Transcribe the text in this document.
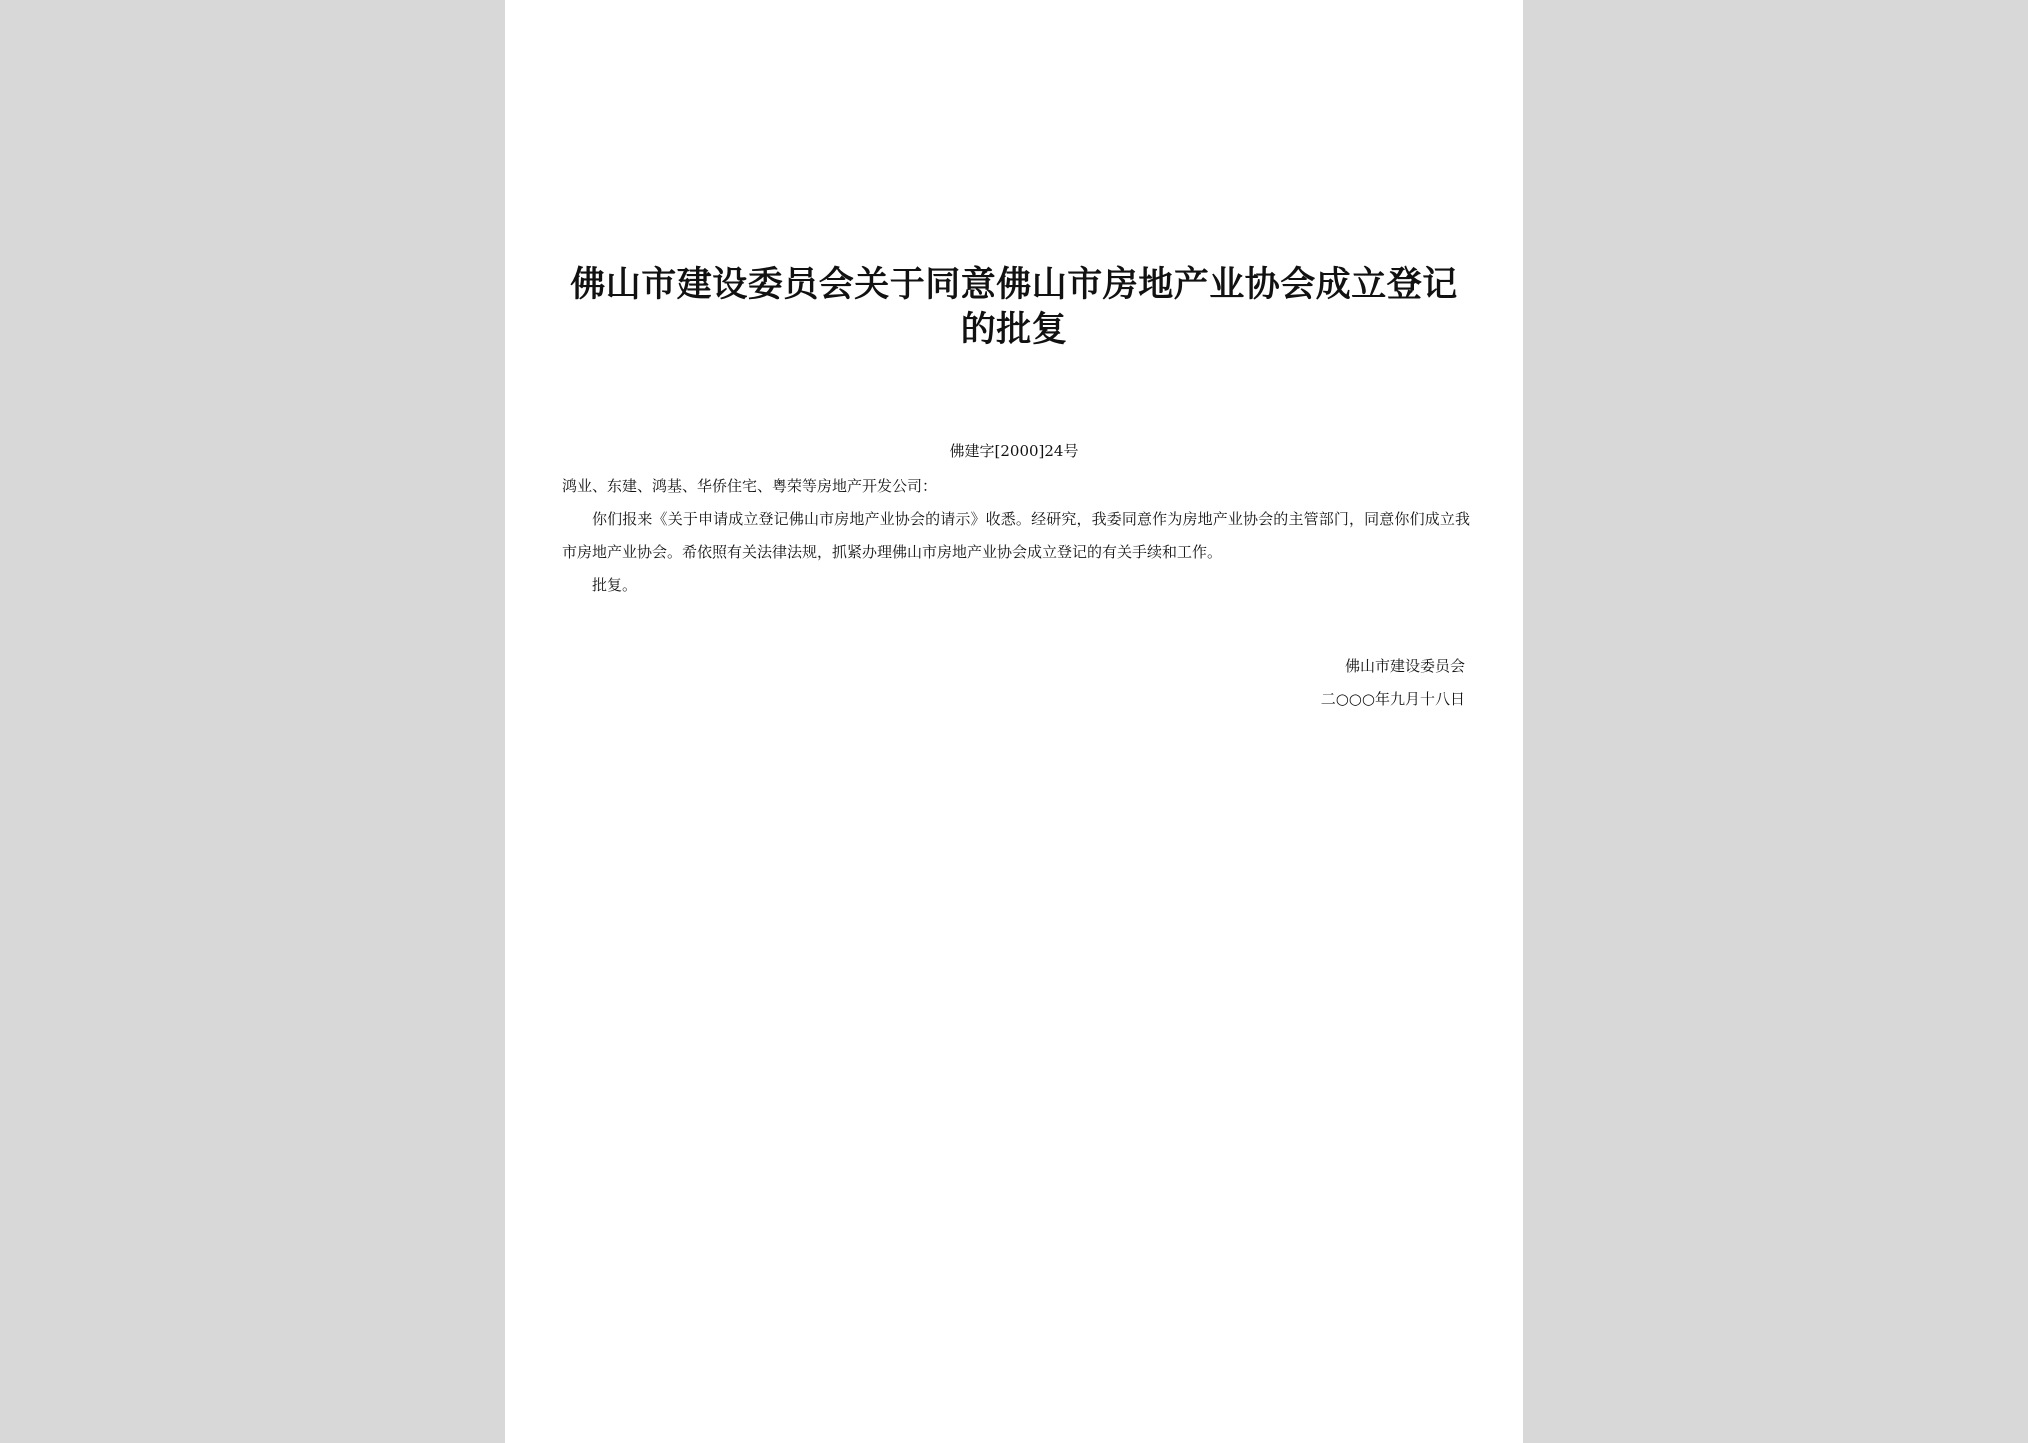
佛山市建设委员会关于同意佛山市房地产业协会成立登记的批复
佛建字[2000]24号
鸿业、东建、鸿基、华侨住宅、粤荣等房地产开发公司：
你们报来《关于申请成立登记佛山市房地产业协会的请示》收悉。经研究，我委同意作为房地产业协会的主管部门，同意你们成立我市房地产业协会。希依照有关法律法规，抓紧办理佛山市房地产业协会成立登记的有关手续和工作。
批复。
佛山市建设委员会
二○○○年九月十八日
